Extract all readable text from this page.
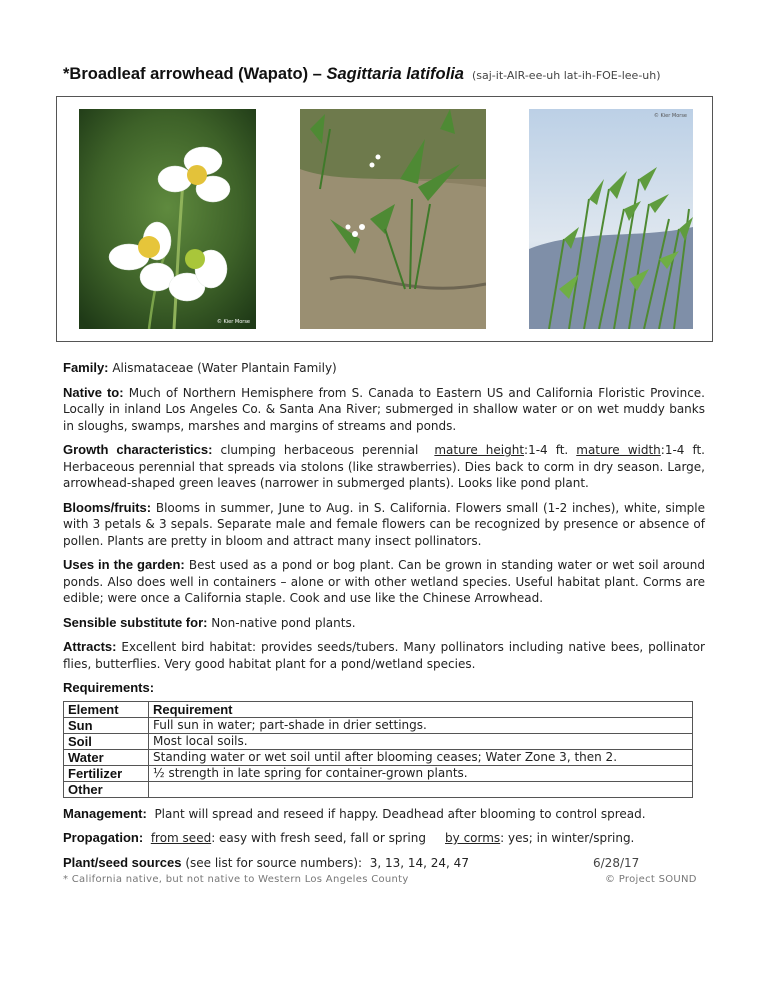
*Broadleaf arrowhead (Wapato) – Sagittaria latifolia (saj-it-AIR-ee-uh lat-ih-FOE-lee-uh)
© Kier Morse
© Kier Morse

Family: Alismataceae (Water Plantain Family)

Native to: Much of Northern Hemisphere from S. Canada to Eastern US and California Floristic Province. Locally in inland Los Angeles Co. & Santa Ana River; submerged in shallow water or on wet muddy banks in sloughs, swamps, marshes and margins of streams and ponds.

Growth characteristics: clumping herbaceous perennial mature height:1-4 ft. mature width:1-4 ft. Herbaceous perennial that spreads via stolons (like strawberries). Dies back to corm in dry season. Large, arrowhead-shaped green leaves (narrower in submerged plants). Looks like pond plant.

Blooms/fruits: Blooms in summer, June to Aug. in S. California. Flowers small (1-2 inches), white, simple with 3 petals & 3 sepals. Separate male and female flowers can be recognized by presence or absence of pollen. Plants are pretty in bloom and attract many insect pollinators.

Uses in the garden: Best used as a pond or bog plant. Can be grown in standing water or wet soil around ponds. Also does well in containers – alone or with other wetland species. Useful habitat plant. Corms are edible; were once a California staple. Cook and use like the Chinese Arrowhead.

Sensible substitute for: Non-native pond plants.

Attracts: Excellent bird habitat: provides seeds/tubers. Many pollinators including native bees, pollinator flies, butterflies. Very good habitat plant for a pond/wetland species.

Requirements:
Element	Requirement
Sun	Full sun in water; part-shade in drier settings.
Soil	Most local soils.
Water	Standing water or wet soil until after blooming ceases; Water Zone 3, then 2.
Fertilizer	½ strength in late spring for container-grown plants.
Other	

Management: Plant will spread and reseed if happy. Deadhead after blooming to control spread.

Propagation: from seed: easy with fresh seed, fall or spring by corms: yes; in winter/spring.

Plant/seed sources (see list for source numbers): 3, 13, 14, 24, 47	6/28/17
* California native, but not native to Western Los Angeles County	© Project SOUND
